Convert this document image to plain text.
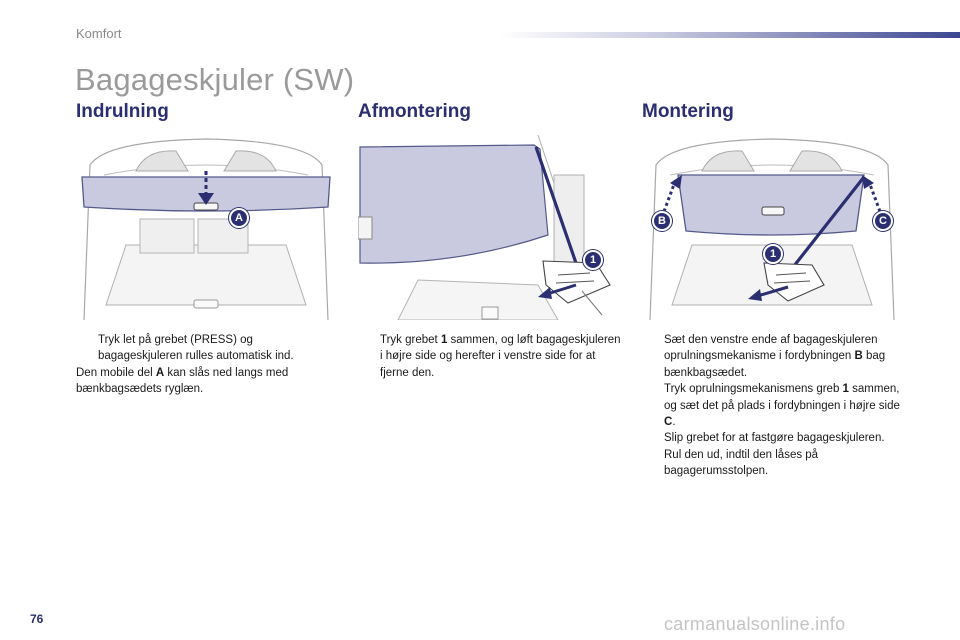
Komfort
Bagageskjuler (SW)
Indrulning
A
Tryk let på grebet (PRESS) og bagageskjuleren rulles automatisk ind.
Den mobile del A kan slås ned langs med bænkbagsædets ryglæn.
Afmontering
1
Tryk grebet 1 sammen, og løft bagageskjuleren i højre side og herefter i venstre side for at fjerne den.
Montering
B
1
C
Sæt den venstre ende af bagageskjuleren oprulningsmekanisme i fordybningen B bag bænkbagsædet.
Tryk oprulningsmekanismens greb 1 sammen, og sæt det på plads i fordybningen i højre side C.
Slip grebet for at fastgøre bagageskjuleren.
Rul den ud, indtil den låses på bagagerumsstolpen.
76	carmanualsonline.info
